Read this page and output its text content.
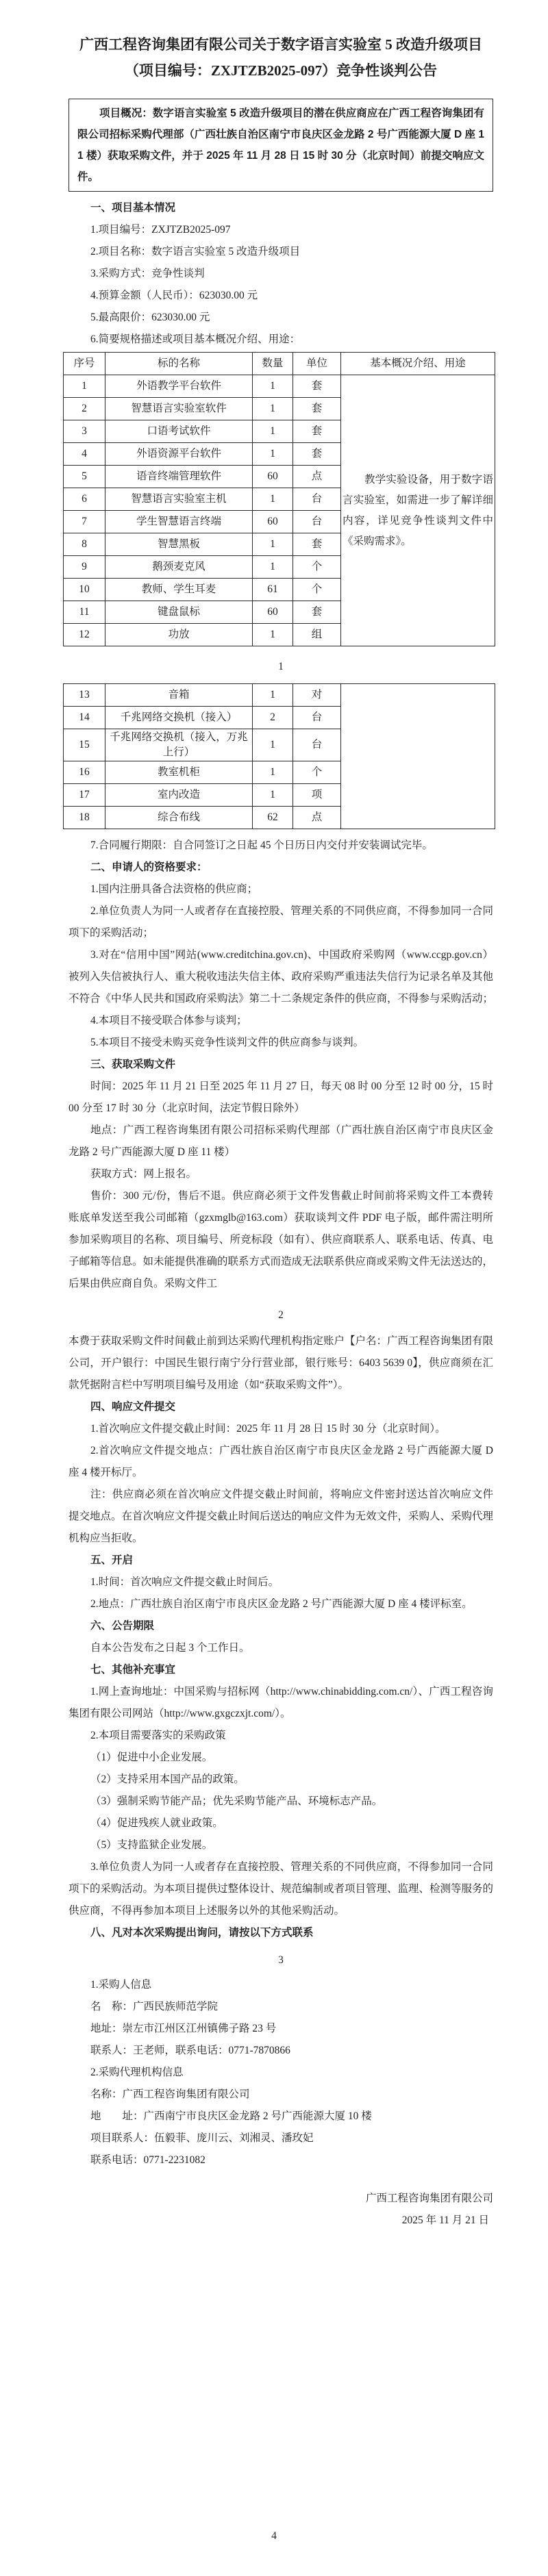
广西工程咨询集团有限公司关于数字语言实验室 5 改造升级项目
（项目编号：ZXJTZB2025-097）竞争性谈判公告

项目概况：数字语言实验室 5 改造升级项目的潜在供应商应在广西工程咨询集团有限公司招标采购代理部（广西壮族自治区南宁市良庆区金龙路 2 号广西能源大厦 D 座 11 楼）获取采购文件，并于 2025 年 11 月 28 日 15 时 30 分（北京时间）前提交响应文件。

一、项目基本情况

1.项目编号：ZXJTZB2025-097

2.项目名称：数字语言实验室 5 改造升级项目

3.采购方式：竞争性谈判

4.预算金额（人民币）：623030.00 元

5.最高限价：623030.00 元

6.简要规格描述或项目基本概况介绍、用途：

序号	标的名称	数量	单位	基本概况介绍、用途
1	外语教学平台软件	1	套	教学实验设备，用于数字语言实验室，如需进一步了解详细内容，详见竞争性谈判文件中《采购需求》。

2	智慧语言实验室软件	1	套	
3	口语考试软件	1	套	
4	外语资源平台软件	1	套	
5	语音终端管理软件	60	点	
6	智慧语言实验室主机	1	台	
7	学生智慧语言终端	60	台	
8	智慧黑板	1	套	
9	鹅颈麦克风	1	个	
10	教师、学生耳麦	61	个	
11	键盘鼠标	60	套	
12	功放	1	组	

1

13	音箱	1	对	
14	千兆网络交换机（接入）	2	台	
15	千兆网络交换机（接入，万兆上行）	1	台	
16	教室机柜	1	个	
17	室内改造	1	项	
18	综合布线	62	点	

7.合同履行期限：自合同签订之日起 45 个日历日内交付并安装调试完毕。

二、申请人的资格要求：

1.国内注册具备合法资格的供应商；

2.单位负责人为同一人或者存在直接控股、管理关系的不同供应商，不得参加同一合同项下的采购活动；

3.对在“信用中国”网站(www.creditchina.gov.cn)、中国政府采购网（www.ccgp.gov.cn）被列入失信被执行人、重大税收违法失信主体、政府采购严重违法失信行为记录名单及其他不符合《中华人民共和国政府采购法》第二十二条规定条件的供应商，不得参与采购活动；

4.本项目不接受联合体参与谈判；

5.本项目不接受未购买竞争性谈判文件的供应商参与谈判。

三、获取采购文件

时间：2025 年 11 月 21 日至 2025 年 11 月 27 日，每天 08 时 00 分至 12 时 00 分，15 时 00 分至 17 时 30 分（北京时间，法定节假日除外）

地点：广西工程咨询集团有限公司招标采购代理部（广西壮族自治区南宁市良庆区金龙路 2 号广西能源大厦 D 座 11 楼）

获取方式：网上报名。

售价：300 元/份，售后不退。供应商必须于文件发售截止时间前将采购文件工本费转账底单发送至我公司邮箱（gzxmglb@163.com）获取谈判文件 PDF 电子版，邮件需注明所参加采购项目的名称、项目编号、所竞标段（如有）、供应商联系人、联系电话、传真、电子邮箱等信息。如未能提供准确的联系方式而造成无法联系供应商或采购文件无法送达的，后果由供应商自负。采购文件工

2

本费于获取采购文件时间截止前到达采购代理机构指定账户【户名：广西工程咨询集团有限公司，开户银行：中国民生银行南宁分行营业部，银行账号：6403 5639 0】，供应商须在汇款凭据附言栏中写明项目编号及用途（如“获取采购文件”）。

四、响应文件提交

1.首次响应文件提交截止时间：2025 年 11 月 28 日 15 时 30 分（北京时间）。

2.首次响应文件提交地点：广西壮族自治区南宁市良庆区金龙路 2 号广西能源大厦 D 座 4 楼开标厅。

注：供应商必须在首次响应文件提交截止时间前，将响应文件密封送达首次响应文件提交地点。在首次响应文件提交截止时间后送达的响应文件为无效文件，采购人、采购代理机构应当拒收。

五、开启

1.时间：首次响应文件提交截止时间后。

2.地点：广西壮族自治区南宁市良庆区金龙路 2 号广西能源大厦 D 座 4 楼评标室。

六、公告期限

自本公告发布之日起 3 个工作日。

七、其他补充事宜

1.网上查询地址：中国采购与招标网（http://www.chinabidding.com.cn/）、广西工程咨询集团有限公司网站（http://www.gxgczxjt.com/）。

2.本项目需要落实的采购政策

（1）促进中小企业发展。

（2）支持采用本国产品的政策。

（3）强制采购节能产品；优先采购节能产品、环境标志产品。

（4）促进残疾人就业政策。

（5）支持监狱企业发展。

3.单位负责人为同一人或者存在直接控股、管理关系的不同供应商，不得参加同一合同项下的采购活动。为本项目提供过整体设计、规范编制或者项目管理、监理、检测等服务的供应商，不得再参加本项目上述服务以外的其他采购活动。

八、凡对本次采购提出询问，请按以下方式联系

3

1.采购人信息

名　称：广西民族师范学院

地址：崇左市江州区江州镇佛子路 23 号

联系人：王老师，联系电话：0771-7870866

2.采购代理机构信息

名称：广西工程咨询集团有限公司

地　　址：广西南宁市良庆区金龙路 2 号广西能源大厦 10 楼

项目联系人：伍毅菲、庞川云、刘湘灵、潘玫妃

联系电话：0771-2231082

广西工程咨询集团有限公司

2025 年 11 月 21 日

4
